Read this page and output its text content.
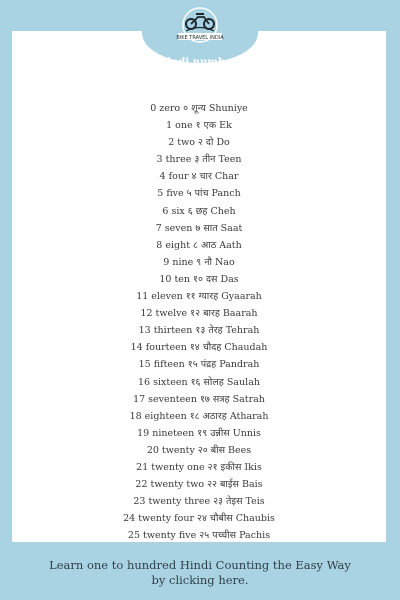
BIKE TRAVEL INDIA
Hindi numbers
1 TO 25
0 zero ० शून्य Shuniye
1 one १ एक Ek
2 two २ दो Do
3 three ३ तीन Teen
4 four ४ चार Char
5 five ५ पांच Panch
6 six ६ छह Cheh
7 seven ७ सात Saat
8 eight ८ आठ Aath
9 nine ९ नौ Nao
10 ten १० दस Das
11 eleven ११ ग्यारह Gyaarah
12 twelve १२ बारह Baarah
13 thirteen १३ तेरह Tehrah
14 fourteen १४ चौदह Chaudah
15 fifteen १५ पंद्रह Pandrah
16 sixteen १६ सोलह Saulah
17 seventeen १७ सत्रह Satrah
18 eighteen १८ अठारह Atharah
19 nineteen १९ उन्नीस Unnis
20 twenty २० बीस Bees
21 twenty one २१ इकीस Ikis
22 twenty two २२ बाईस Bais
23 twenty three २३ तेइस Teis
24 twenty four २४ चौबीस Chaubis
25 twenty five २५ पच्चीस Pachis
Learn one to hundred Hindi Counting the Easy Way
by clicking here.
